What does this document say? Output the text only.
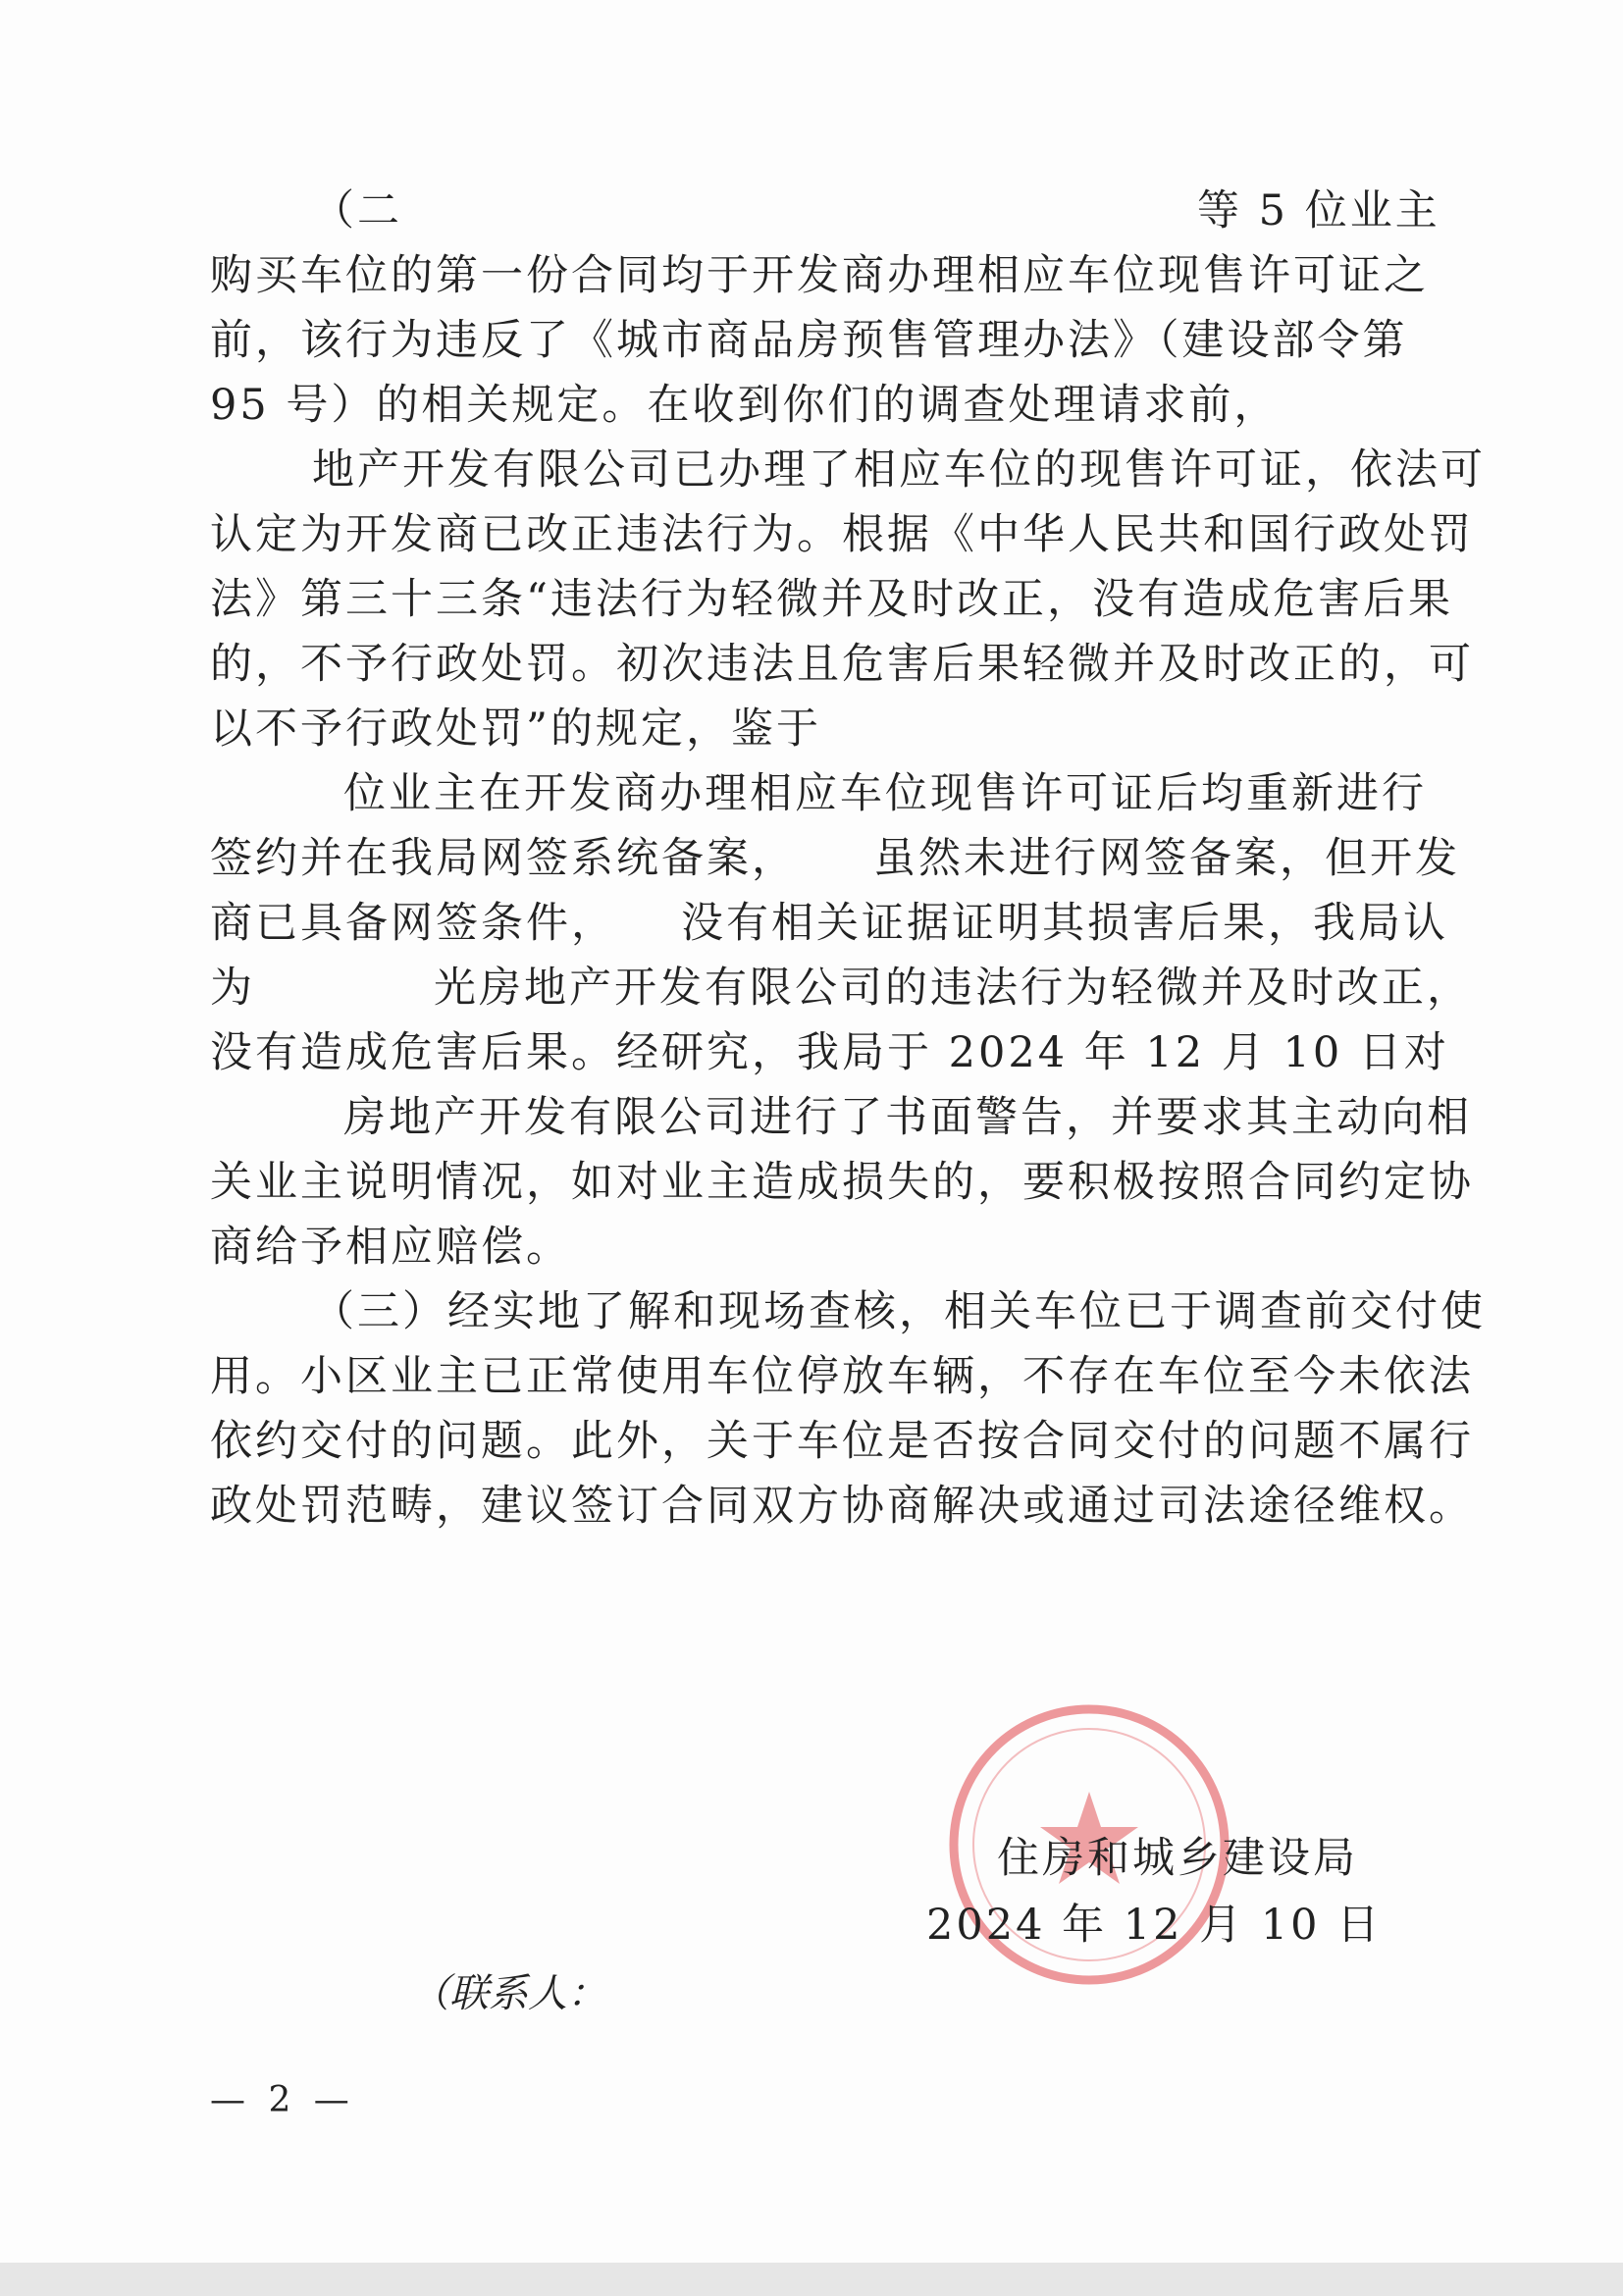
（二	等 5 位业主
购买车位的第一份合同均于开发商办理相应车位现售许可证之
前，该行为违反了《城市商品房预售管理办法》（建设部令第
95 号）的相关规定。在收到你们的调查处理请求前，
地产开发有限公司已办理了相应车位的现售许可证，依法可
认定为开发商已改正违法行为。根据《中华人民共和国行政处罚
法》第三十三条“违法行为轻微并及时改正，没有造成危害后果
的，不予行政处罚。初次违法且危害后果轻微并及时改正的，可
以不予行政处罚”的规定，鉴于
位业主在开发商办理相应车位现售许可证后均重新进行
签约并在我局网签系统备案， 虽然未进行网签备案，但开发
商已具备网签条件， 没有相关证据证明其损害后果，我局认
为	光房地产开发有限公司的违法行为轻微并及时改正，
没有造成危害后果。经研究，我局于 2024 年 12 月 10 日对
房地产开发有限公司进行了书面警告，并要求其主动向相
关业主说明情况，如对业主造成损失的，要积极按照合同约定协
商给予相应赔偿。
（三）经实地了解和现场查核，相关车位已于调查前交付使
用。小区业主已正常使用车位停放车辆，不存在车位至今未依法
依约交付的问题。此外，关于车位是否按合同交付的问题不属行
政处罚范畴，建议签订合同双方协商解决或通过司法途径维权。
住房和城乡建设局
2024 年 12 月 10 日
（联系人：
— 2 —
